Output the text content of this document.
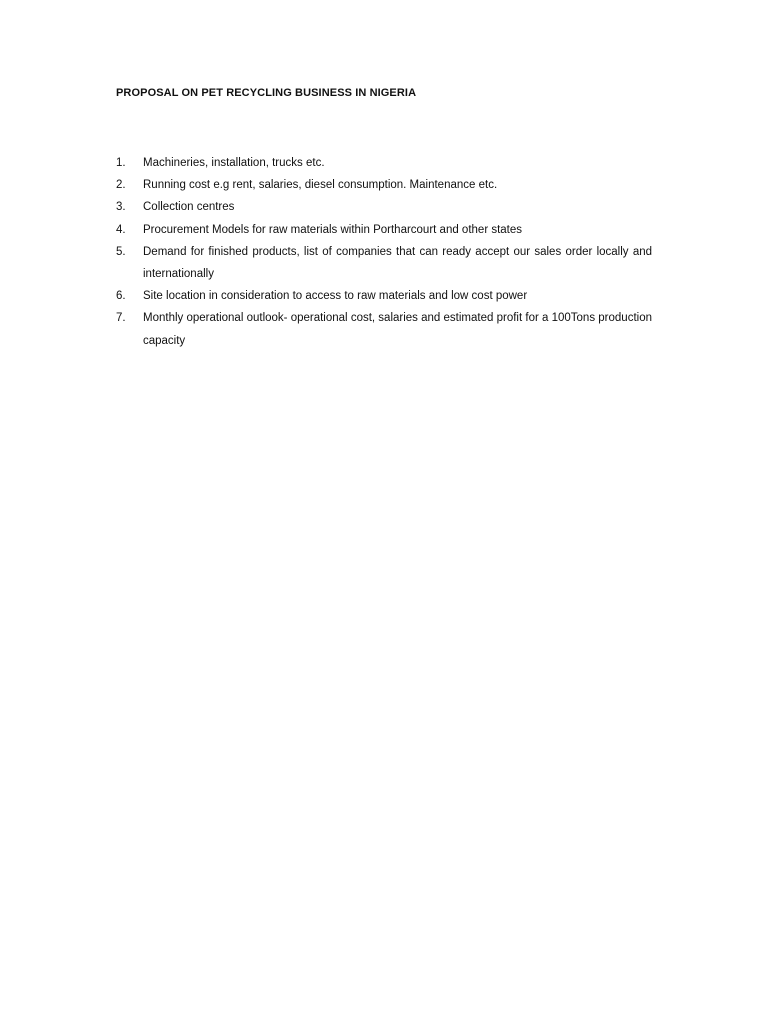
PROPOSAL ON PET RECYCLING BUSINESS IN NIGERIA
1.	Machineries, installation, trucks etc.
2.	Running cost e.g rent, salaries, diesel consumption. Maintenance etc.
3.	Collection centres
4.	Procurement Models for raw materials within Portharcourt and other states
5.	Demand for finished products, list of companies that can ready accept our sales order locally and internationally
6.	Site location in consideration to access to raw materials and low cost power
7.	Monthly operational outlook- operational cost, salaries and estimated profit for a 100Tons production capacity
